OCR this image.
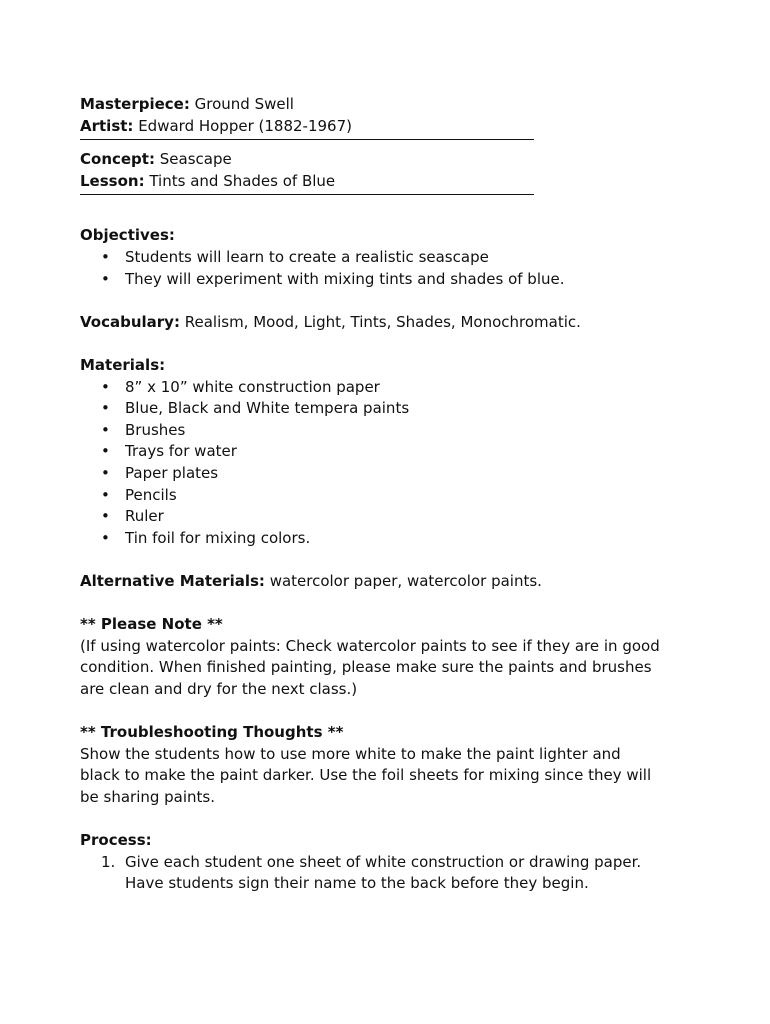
Masterpiece: Ground Swell

Artist: Edward Hopper (1882-1967)

Concept: Seascape

Lesson: Tints and Shades of Blue

Objectives:

• Students will learn to create a realistic seascape
• They will experiment with mixing tints and shades of blue.

Vocabulary: Realism, Mood, Light, Tints, Shades, Monochromatic.

Materials:

• 8” x 10” white construction paper
• Blue, Black and White tempera paints
• Brushes
• Trays for water
• Paper plates
• Pencils
• Ruler
• Tin foil for mixing colors.

Alternative Materials: watercolor paper, watercolor paints.

** Please Note **

(If using watercolor paints: Check watercolor paints to see if they are in good condition. When finished painting, please make sure the paints and brushes are clean and dry for the next class.)

** Troubleshooting Thoughts **

Show the students how to use more white to make the paint lighter and black to make the paint darker. Use the foil sheets for mixing since they will be sharing paints.

Process:

1. Give each student one sheet of white construction or drawing paper. Have students sign their name to the back before they begin.
